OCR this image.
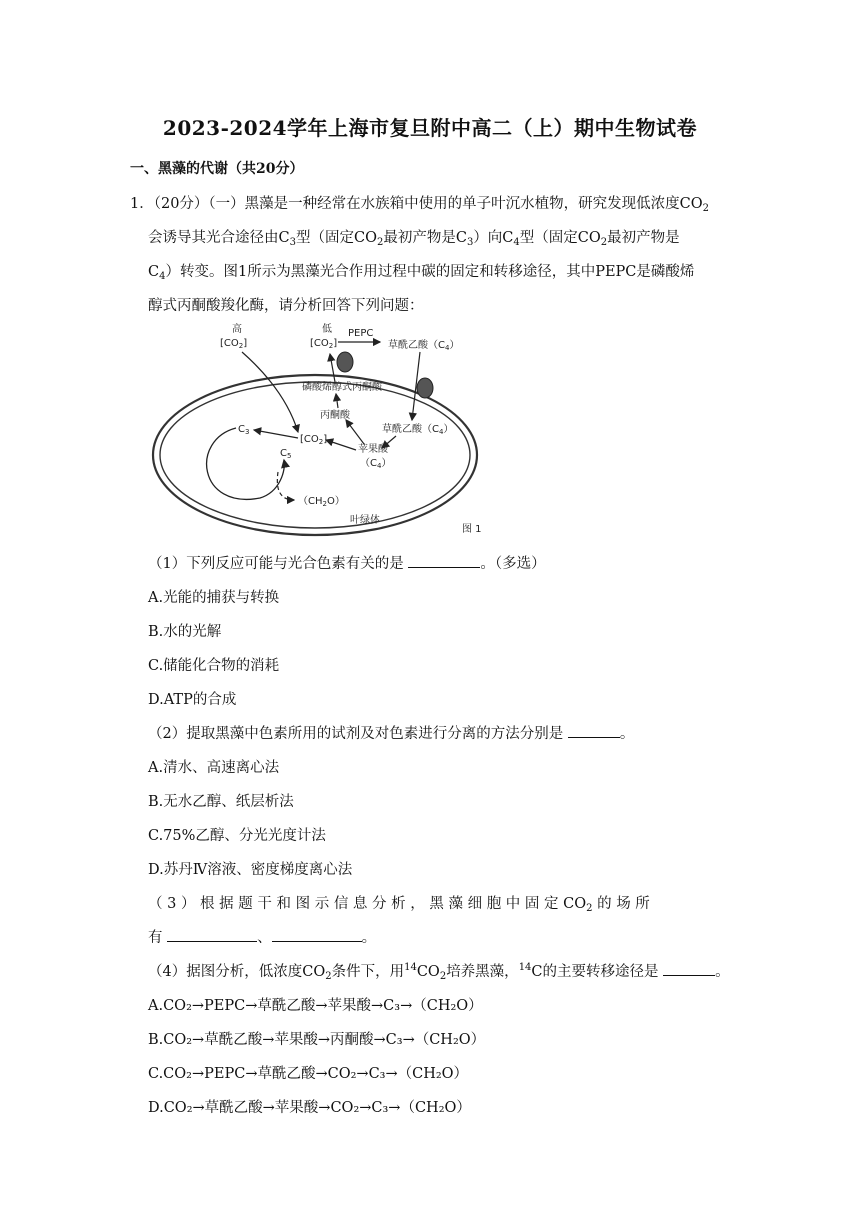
2023-2024学年上海市复旦附中高二（上）期中生物试卷
一、黑藻的代谢（共20分）
1．（20分）（一）黑藻是一种经常在水族箱中使用的单子叶沉水植物，研究发现低浓度$CO_2$
会诱导其光合途径由$C_3$型（固定$CO_2$最初产物是$C_3$）向$C_4$型（固定$CO_2$最初产物是
$C_4$）转变。图1所示为黑藻光合作用过程中碳的固定和转移途径，其中PEPC是磷酸烯
醇式丙酮酸羧化酶，请分析回答下列问题：
高
$[CO_2]$
低
$[CO_2]$
PEPC
草酰乙酸$(C_4)$
磷酸烯醇式丙酮酸
丙酮酸
草酰乙酸$(C_4)$
$[CO_2]$
苹果酸
$(C_4)$
$C_3$
$C_5$
$(CH_2O)$
叶绿体
图 1
（1）下列反应可能与光合色素有关的是	。（多选）
A.光能的捕获与转换
B.水的光解
C.储能化合物的消耗
D.ATP的合成
（2）提取黑藻中色素所用的试剂及对色素进行分离的方法分别是	。
A.清水、高速离心法
B.无水乙醇、纸层析法
C.75%乙醇、分光光度计法
D.苏丹Ⅳ溶液、密度梯度离心法
（ 3 ） 根 据 题 干 和 图 示 信 息 分 析 ， 黑 藻 细 胞 中 固 定 $CO_2$ 的 场 所
有	、	。
（4）据图分析，低浓度$CO_2$条件下，用$^{14}CO_2$培养黑藻，$^{14}$C的主要转移途径是	。
A.CO₂→PEPC→草酰乙酸→苹果酸→C₃→（CH₂O）
B.CO₂→草酰乙酸→苹果酸→丙酮酸→C₃→（CH₂O）
C.CO₂→PEPC→草酰乙酸→CO₂→C₃→（CH₂O）
D.CO₂→草酰乙酸→苹果酸→CO₂→C₃→（CH₂O）
